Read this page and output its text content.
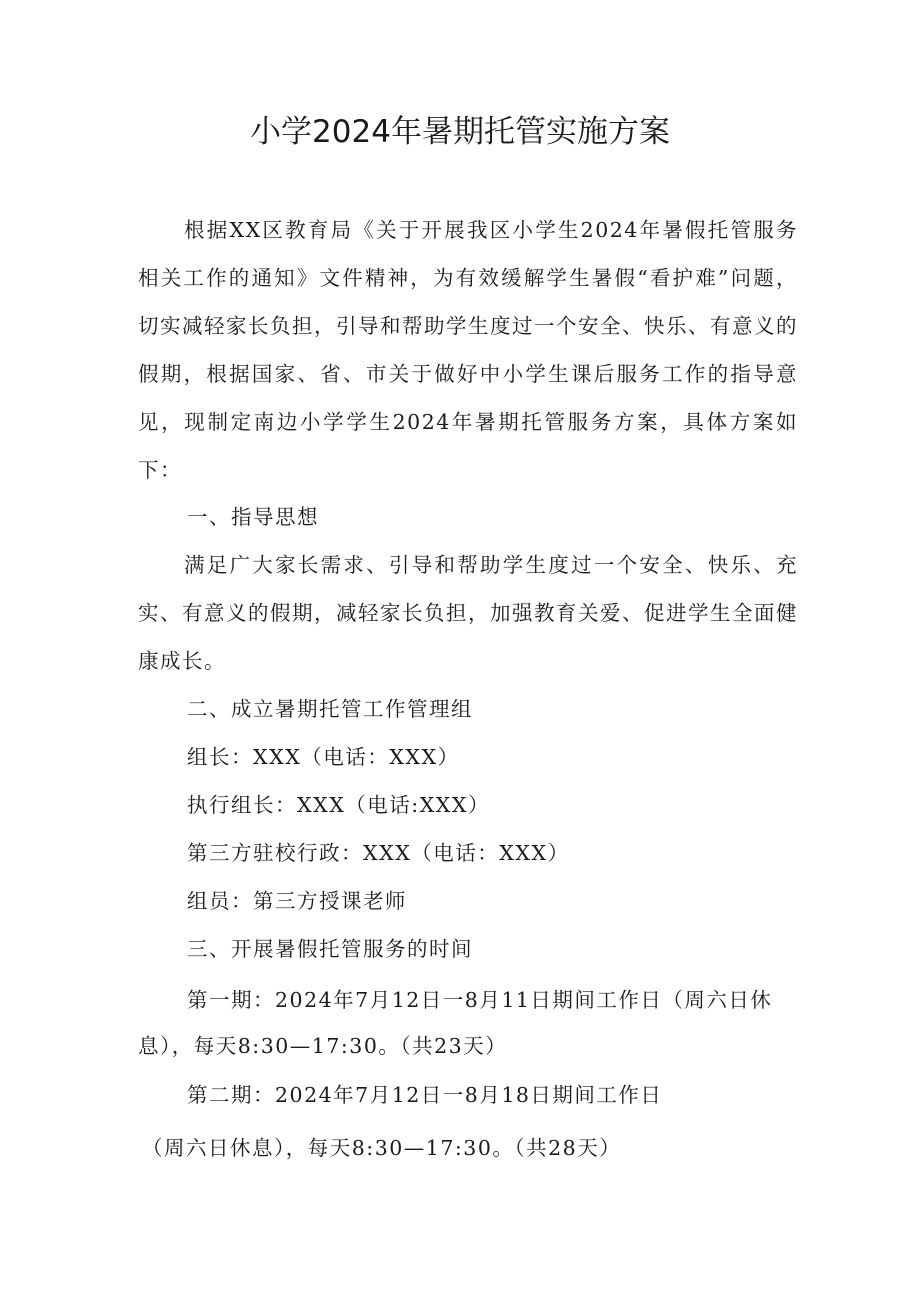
小学2024年暑期托管实施方案

根据XX区教育局《关于开展我区小学生2024年暑假托管服务相关工作的通知》文件精神，为有效缓解学生暑假“看护难”问题，切实减轻家长负担，引导和帮助学生度过一个安全、快乐、有意义的假期，根据国家、省、市关于做好中小学生课后服务工作的指导意见，现制定南边小学学生2024年暑期托管服务方案，具体方案如下：

一、指导思想

满足广大家长需求、引导和帮助学生度过一个安全、快乐、充实、有意义的假期，减轻家长负担，加强教育关爱、促进学生全面健康成长。

二、成立暑期托管工作管理组
组长：XXX（电话：XXX）
执行组长：XXX（电话:XXX）
第三方驻校行政：XXX（电话：XXX）
组员：第三方授课老师
三、开展暑假托管服务的时间
第一期：2024年7月12日一8月11日期间工作日（周六日休
息），每天8:30—17:30。（共23天）
第二期：2024年7月12日一8月18日期间工作日
（周六日休息），每天8:30—17:30。（共28天）
